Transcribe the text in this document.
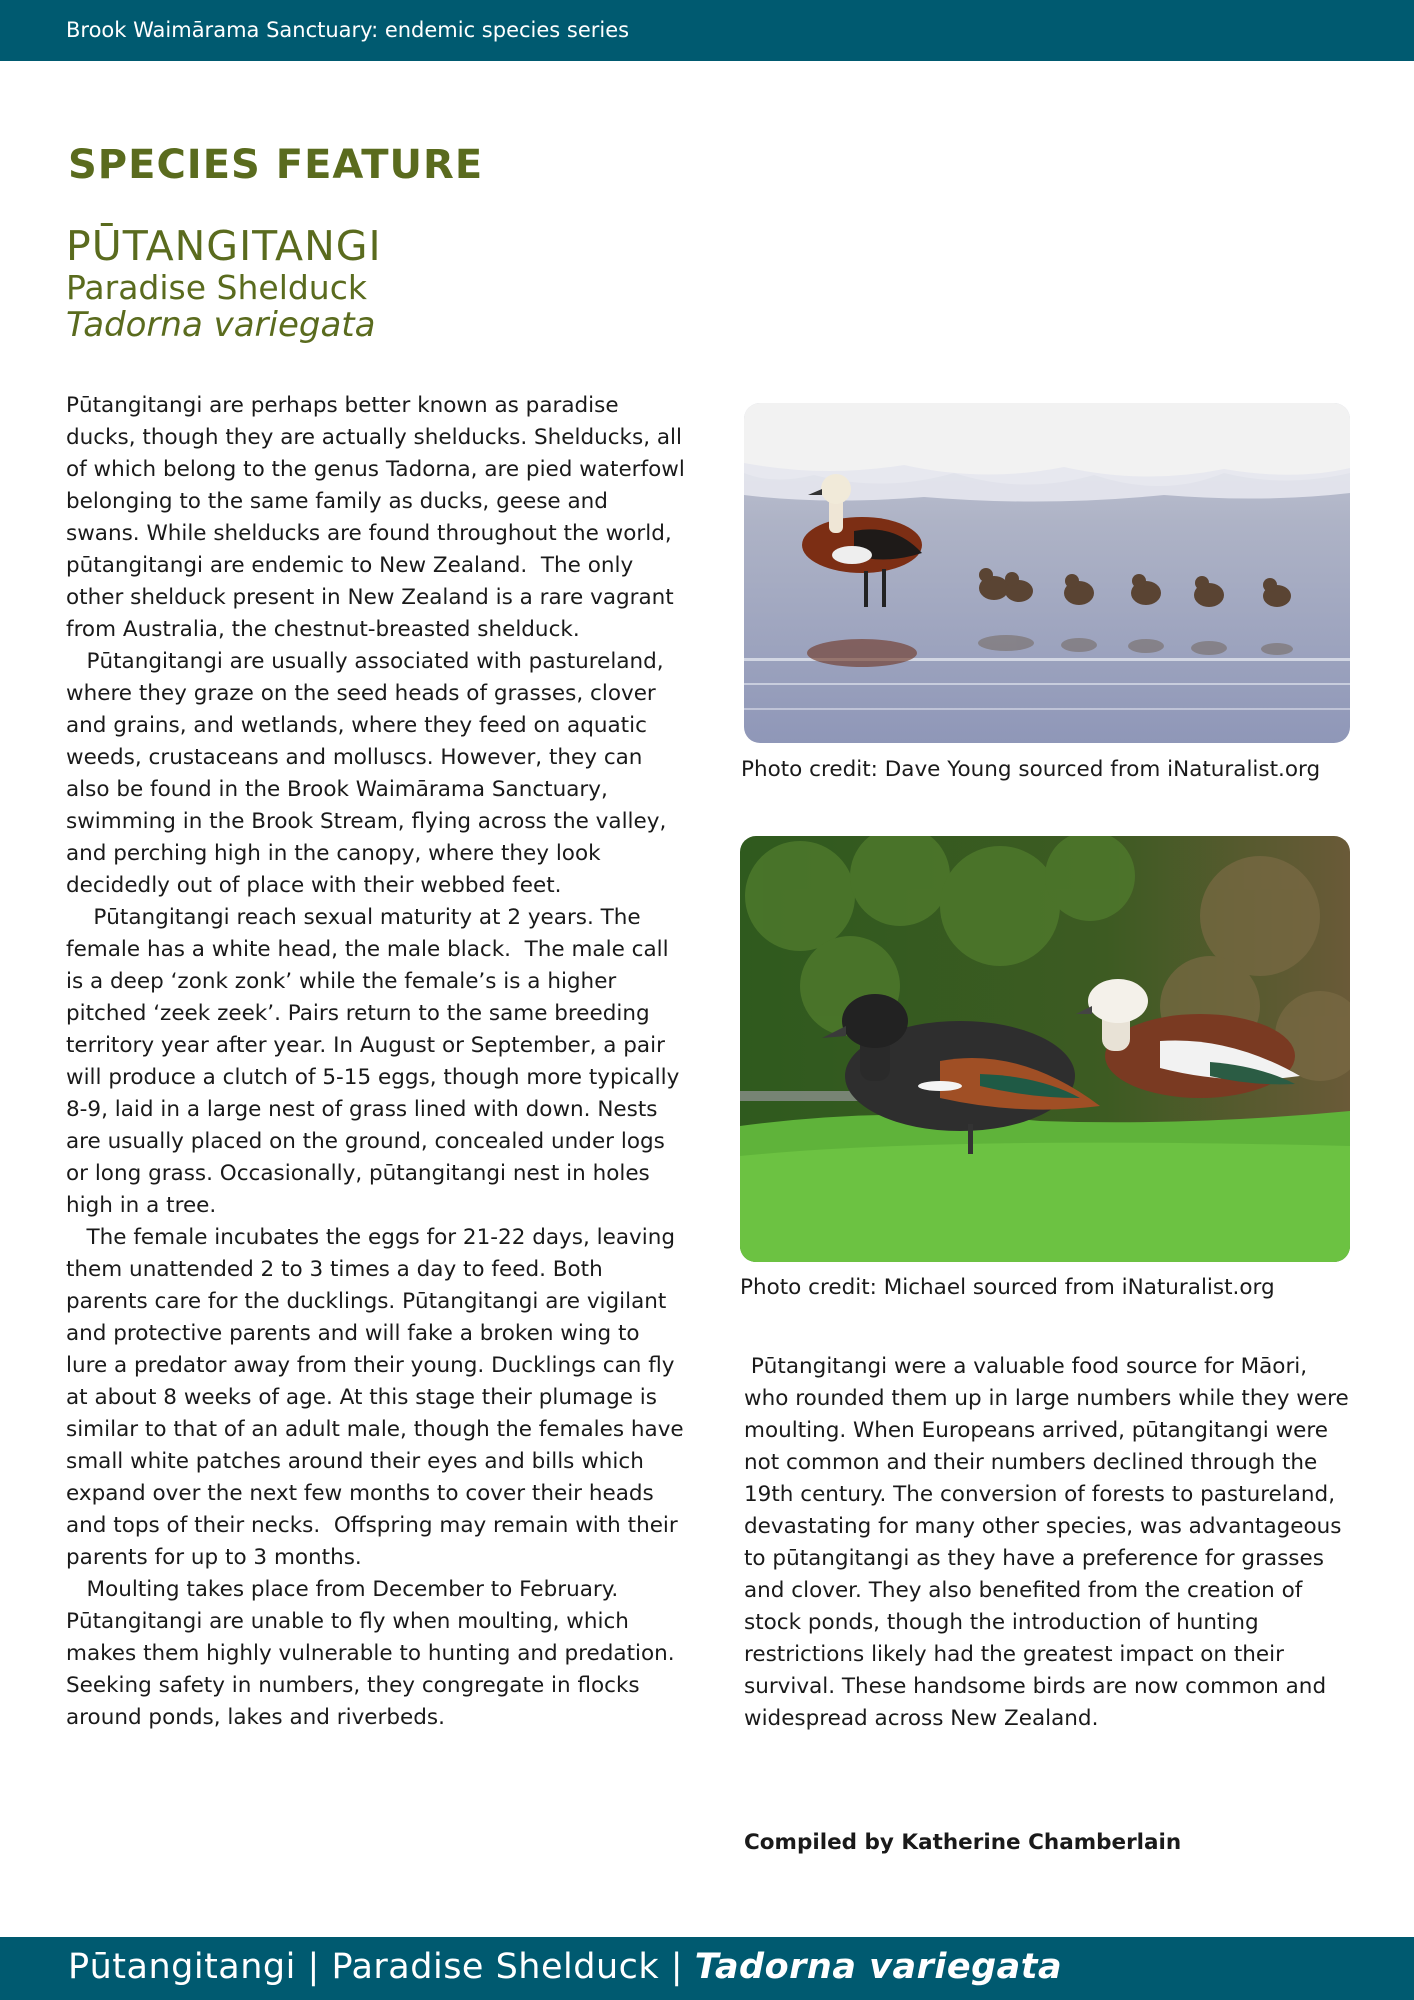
Brook Waimārama Sanctuary: endemic species series
SPECIES FEATURE
PŪTANGITANGI
Paradise Shelduck
Tadorna variegata

Pūtangitangi are perhaps better known as paradise ducks, though they are actually shelducks. Shelducks, all of which belong to the genus Tadorna, are pied waterfowl belonging to the same family as ducks, geese and swans. While shelducks are found throughout the world, pūtangitangi are endemic to New Zealand.  The only other shelduck present in New Zealand is a rare vagrant from Australia, the chestnut-breasted shelduck.

Pūtangitangi are usually associated with pastureland, where they graze on the seed heads of grasses, clover and grains, and wetlands, where they feed on aquatic weeds, crustaceans and molluscs. However, they can also be found in the Brook Waimārama Sanctuary, swimming in the Brook Stream, flying across the valley, and perching high in the canopy, where they look decidedly out of place with their webbed feet.

Pūtangitangi reach sexual maturity at 2 years. The female has a white head, the male black.  The male call is a deep ‘zonk zonk’ while the female’s is a higher pitched ‘zeek zeek’. Pairs return to the same breeding territory year after year. In August or September, a pair will produce a clutch of 5-15 eggs, though more typically 8-9, laid in a large nest of grass lined with down. Nests are usually placed on the ground, concealed under logs or long grass. Occasionally, pūtangitangi nest in holes high in a tree.

The female incubates the eggs for 21-22 days, leaving them unattended 2 to 3 times a day to feed. Both parents care for the ducklings. Pūtangitangi are vigilant and protective parents and will fake a broken wing to lure a predator away from their young. Ducklings can fly at about 8 weeks of age. At this stage their plumage is similar to that of an adult male, though the females have small white patches around their eyes and bills which expand over the next few months to cover their heads and tops of their necks.  Offspring may remain with their parents for up to 3 months.

Moulting takes place from December to February. Pūtangitangi are unable to fly when moulting, which makes them highly vulnerable to hunting and predation. Seeking safety in numbers, they congregate in flocks around ponds, lakes and riverbeds.

Photo credit: Dave Young sourced from iNaturalist.org
Photo credit: Michael sourced from iNaturalist.org

Pūtangitangi were a valuable food source for Māori, who rounded them up in large numbers while they were moulting. When Europeans arrived, pūtangitangi were not common and their numbers declined through the 19th century. The conversion of forests to pastureland, devastating for many other species, was advantageous to pūtangitangi as they have a preference for grasses and clover. They also benefited from the creation of stock ponds, though the introduction of hunting restrictions likely had the greatest impact on their survival. These handsome birds are now common and widespread across New Zealand.

Compiled by Katherine Chamberlain
Pūtangitangi | Paradise Shelduck | Tadorna variegata
